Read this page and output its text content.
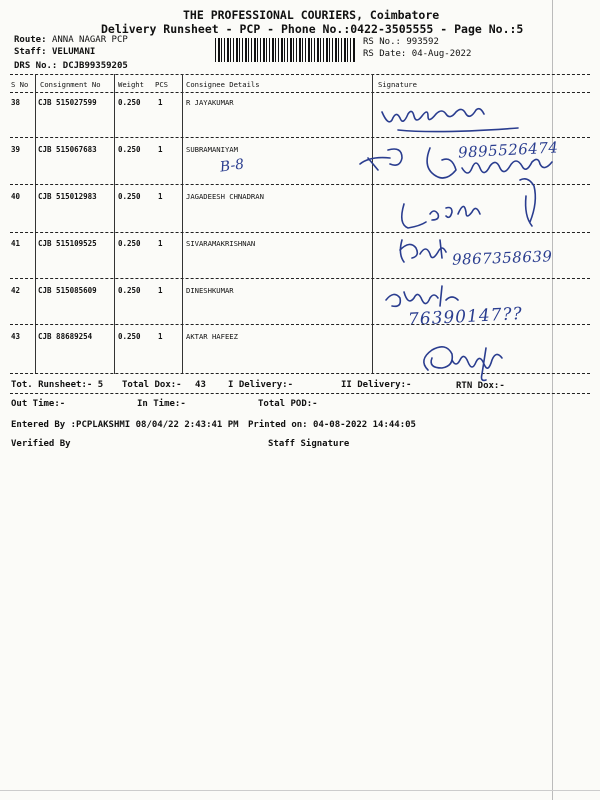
THE PROFESSIONAL COURIERS, Coimbatore
Delivery Runsheet - PCP - Phone No.:0422-3505555 - Page No.:5
Route: ANNA NAGAR PCP
Staff: VELUMANI
DRS No.: DCJB99359205
RS No.: 993592
RS Date: 04-Aug-2022
S No Consignment No Weight PCS	Consignee Details	Signature
38 CJB 515027599	0.250 1	R JAYAKUMAR
39 CJB 515067683	0.250 1	SUBRAMANIYAM
B-8
9895526474
40 CJB 515012983	0.250 1	JAGADEESH CHNADRAN
41 CJB 515109525	0.250 1	SIVARAMAKRISHNAN
9867358639
42 CJB 515085609	0.250 1	DINESHKUMAR
76390147??
43 CJB 88689254	0.250 1	AKTAR HAFEEZ
Tot. Runsheet:- 5 Total Dox:- 43 I Delivery:-	II Delivery:-	RTN Dox:-
Out Time:-	In Time:-	Total POD:-
Entered By :PCPLAKSHMI 08/04/22 2:43:41 PM Printed on: 04-08-2022 14:44:05
Verified By	Staff Signature
